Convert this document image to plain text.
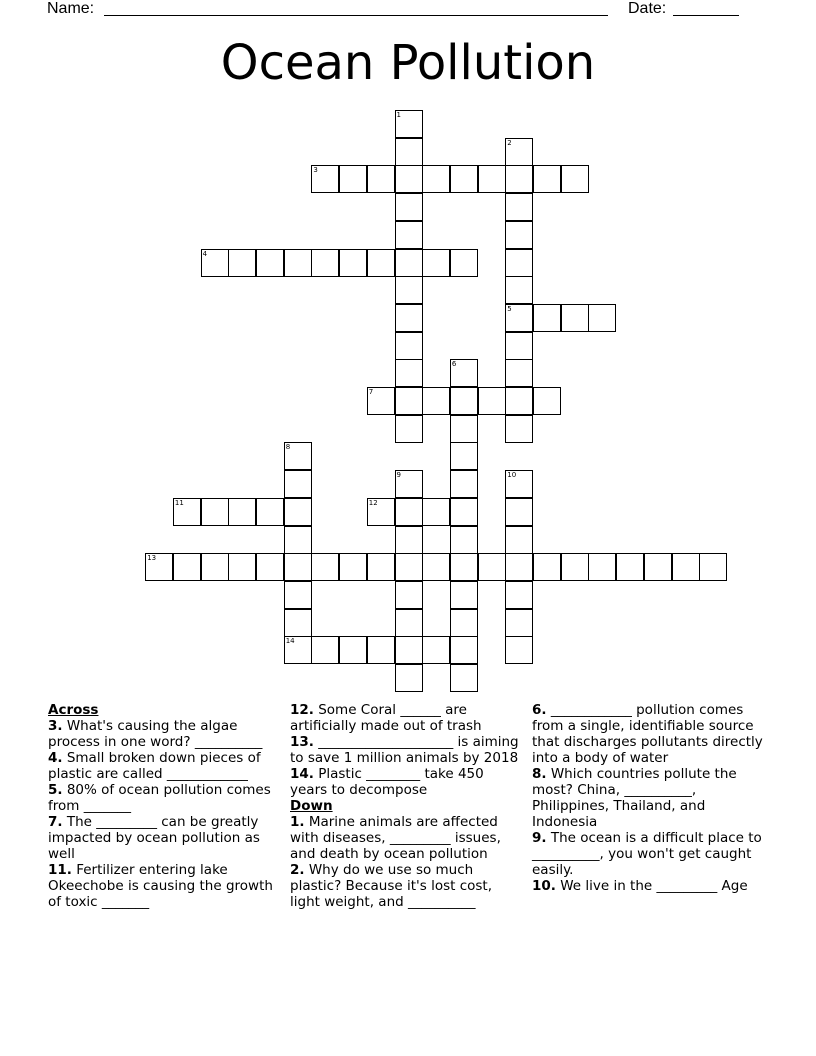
Name:	Date:
Ocean Pollution
1
2
5
3
4
6
7
8
9	10
11	12
13
14
Across

3. What's causing the algae process in one word? __________

4. Small broken down pieces of plastic are called ____________

5. 80% of ocean pollution comes from _______

7. The _________ can be greatly impacted by ocean pollution as well

11. Fertilizer entering lake Okeechobe is causing the growth of toxic _______

12. Some Coral ______ are artificially made out of trash

13. ____________________ is aiming to save 1 million animals by 2018

14. Plastic ________ take 450 years to decompose

Down

1. Marine animals are affected with diseases, _________ issues, and death by ocean pollution

2. Why do we use so much plastic? Because it's lost cost, light weight, and __________

6. ____________ pollution comes from a single, identifiable source that discharges pollutants directly into a body of water

8. Which countries pollute the most? China, __________, Philippines, Thailand, and Indonesia

9. The ocean is a difficult place to __________, you won't get caught easily.

10. We live in the _________ Age
